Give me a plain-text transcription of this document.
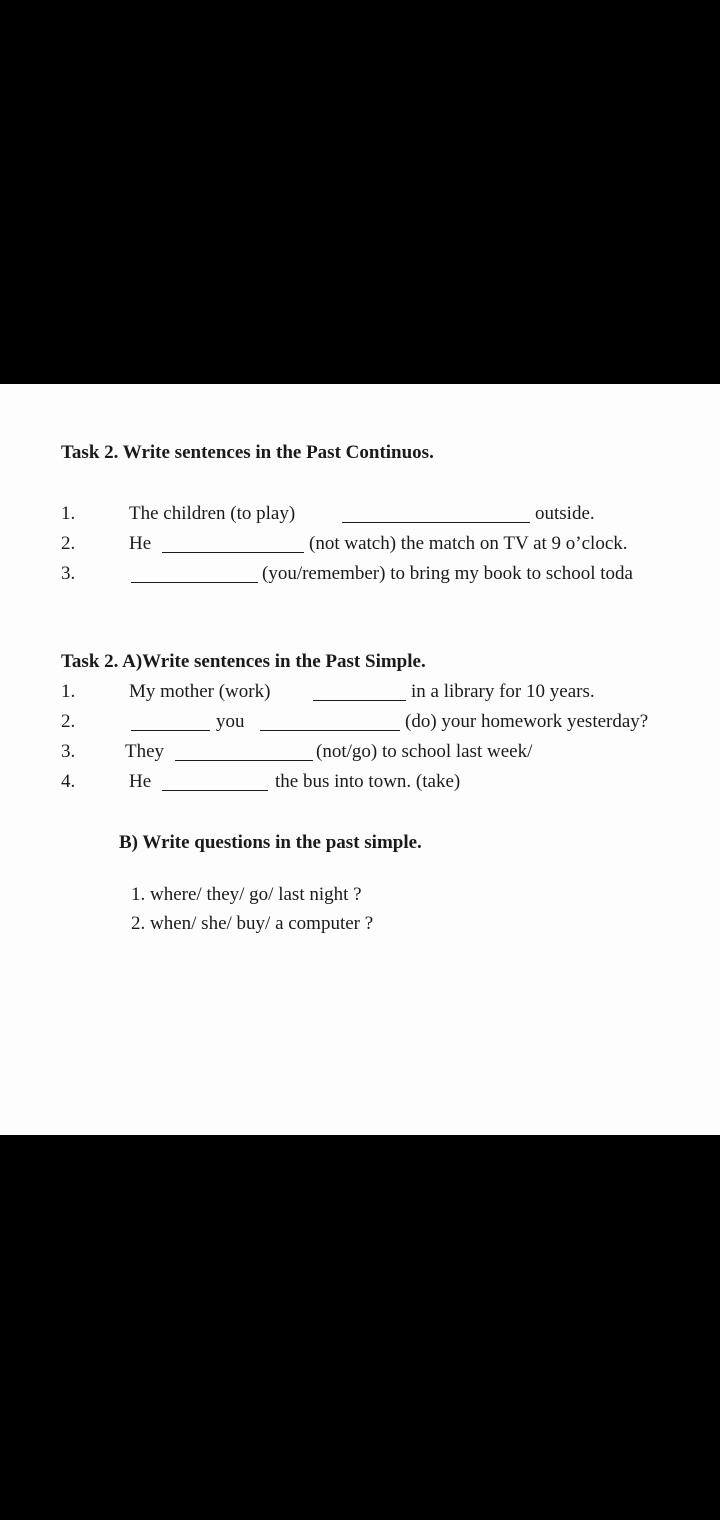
Task 2. Write sentences in the Past Continuos.
1.	The children (to play)	outside.
2.	He	(not watch) the match on TV at 9 o’clock.
3.	(you/remember) to bring my book to school toda
Task 2. A)Write sentences in the Past Simple.
1.	My mother (work)	in a library for 10 years.
2.	you	(do) your homework yesterday?
3.	They	(not/go) to school last week/
4.	He	the bus into town. (take)
B) Write questions in the past simple.
1. where/ they/ go/ last night ?
2. when/ she/ buy/ a computer ?
